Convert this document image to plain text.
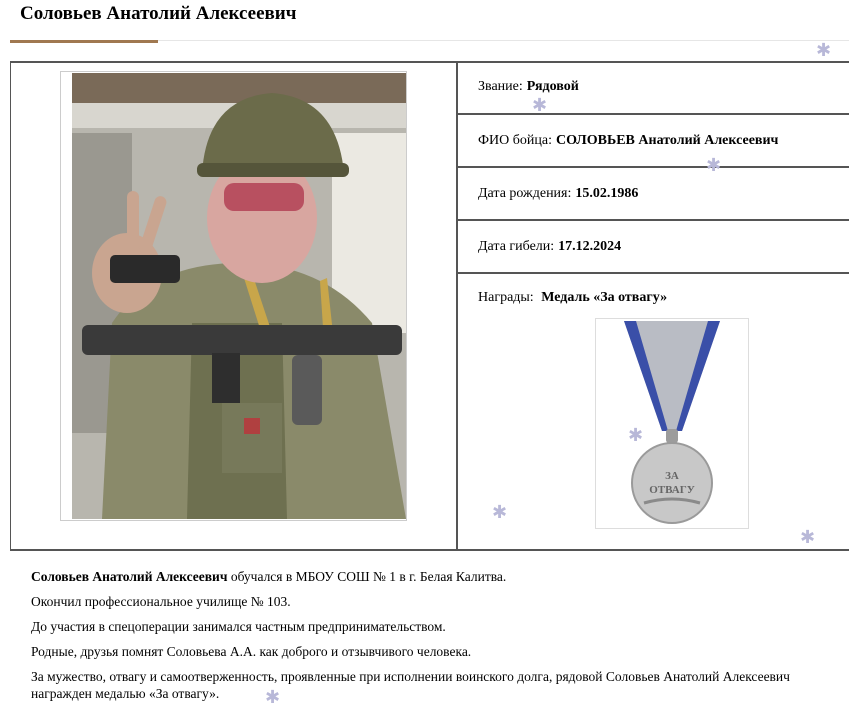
Соловьев Анатолий Алексеевич
Звание: Рядовой
ФИО бойца: СОЛОВЬЕВ Анатолий Алексеевич
Дата рождения: 15.02.1986
Дата гибели: 17.12.2024
Награды: Медаль «За отвагу»
ЗА
ОТВАГУ

Соловьев Анатолий Алексеевич обучался в МБОУ СОШ № 1 в г. Белая Калитва.

Окончил профессиональное училище № 103.

До участия в спецоперации занимался частным предпринимательством.

Родные, друзья помнят Соловьева А.А. как доброго и отзывчивого человека.

За мужество, отвагу и самоотверженность, проявленные при исполнении воинского долга, рядовой Соловьев Анатолий Алексеевич награжден медалью «За отвагу».

✱
✱
✱
✱
✱
✱
✱
